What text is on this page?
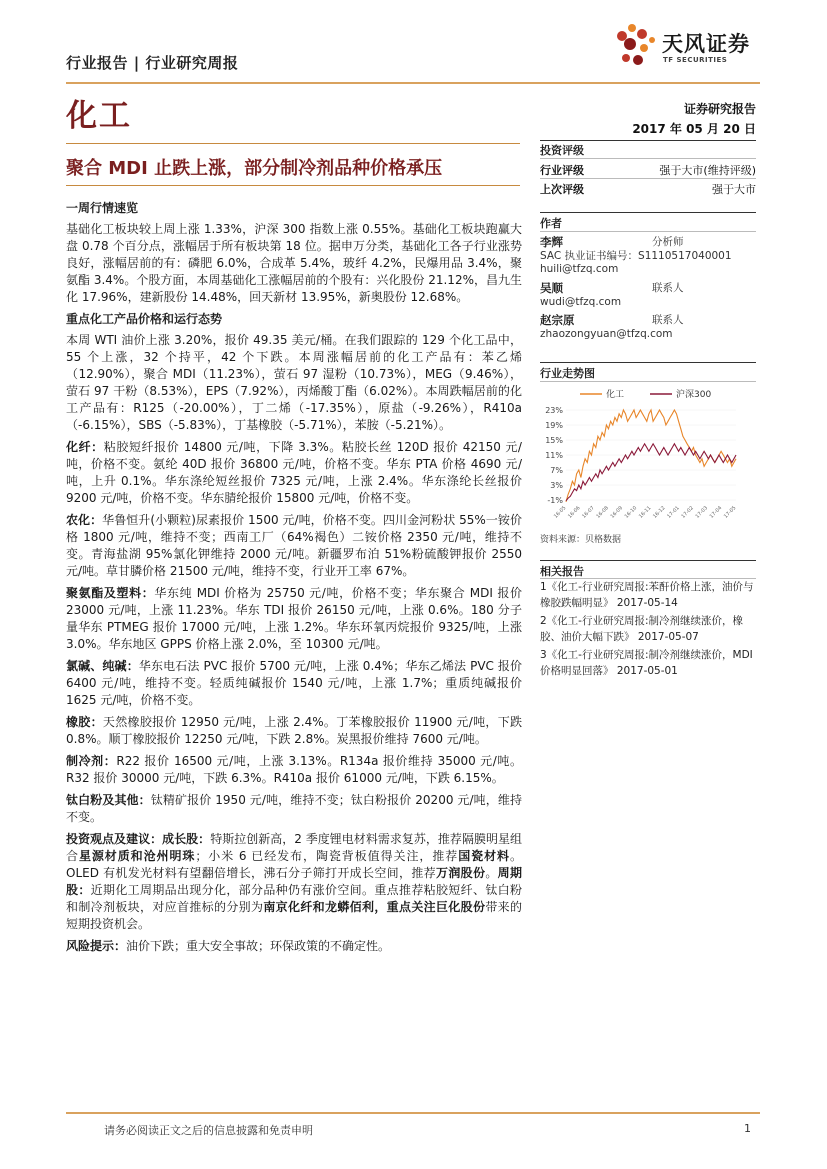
行业报告 | 行业研究周报
天风证券
TF SECURITIES
化工	证券研究报告
2017 年 05 月 20 日
聚合 MDI 止跌上涨，部分制冷剂品种价格承压
一周行情速览

基础化工板块较上周上涨 1.33%，沪深 300 指数上涨 0.55%。基础化工板块跑赢大盘 0.78 个百分点，涨幅居于所有板块第 18 位。据申万分类，基础化工各子行业涨势良好，涨幅居前的有：磷肥 6.0%，合成革 5.4%，玻纤 4.2%，民爆用品 3.4%，聚氨酯 3.4%。个股方面，本周基础化工涨幅居前的个股有：兴化股份 21.12%，昌九生化 17.96%，建新股份 14.48%，回天新材 13.95%，新奥股份 12.68%。

重点化工产品价格和运行态势

本周 WTI 油价上涨 3.20%，报价 49.35 美元/桶。在我们跟踪的 129 个化工品中，55 个上涨，32 个持平，42 个下跌。本周涨幅居前的化工产品有：苯乙烯（12.90%），聚合 MDI（11.23%），萤石 97 湿粉（10.73%），MEG（9.46%），萤石 97 干粉（8.53%），EPS（7.92%），丙烯酸丁酯（6.02%）。本周跌幅居前的化工产品有：R125（-20.00%），丁二烯（-17.35%），原盐（-9.26%），R410a（-6.15%），SBS（-5.83%），丁基橡胶（-5.71%），苯胺（-5.21%）。

化纤：粘胶短纤报价 14800 元/吨，下降 3.3%。粘胶长丝 120D 报价 42150 元/吨，价格不变。氨纶 40D 报价 36800 元/吨，价格不变。华东 PTA 价格 4690 元/吨，上升 0.1%。华东涤纶短丝报价 7325 元/吨，上涨 2.4%。华东涤纶长丝报价 9200 元/吨，价格不变。华东腈纶报价 15800 元/吨，价格不变。

农化：华鲁恒升(小颗粒)尿素报价 1500 元/吨，价格不变。四川金河粉状 55%一铵价格 1800 元/吨，维持不变；西南工厂（64%褐色）二铵价格 2350 元/吨，维持不变。青海盐湖 95%氯化钾维持 2000 元/吨。新疆罗布泊 51%粉硫酸钾报价 2550 元/吨。草甘膦价格 21500 元/吨，维持不变，行业开工率 67%。

聚氨酯及塑料：华东纯 MDI 价格为 25750 元/吨，价格不变；华东聚合 MDI 报价 23000 元/吨，上涨 11.23%。华东 TDI 报价 26150 元/吨，上涨 0.6%。180 分子量华东 PTMEG 报价 17000 元/吨，上涨 1.2%。华东环氧丙烷报价 9325/吨，上涨 3.0%。华东地区 GPPS 价格上涨 2.0%，至 10300 元/吨。

氯碱、纯碱：华东电石法 PVC 报价 5700 元/吨，上涨 0.4%；华东乙烯法 PVC 报价 6400 元/吨，维持不变。轻质纯碱报价 1540 元/吨，上涨 1.7%；重质纯碱报价 1625 元/吨，价格不变。

橡胶：天然橡胶报价 12950 元/吨，上涨 2.4%。丁苯橡胶报价 11900 元/吨，下跌 0.8%。顺丁橡胶报价 12250 元/吨，下跌 2.8%。炭黑报价维持 7600 元/吨。

制冷剂：R22 报价 16500 元/吨，上涨 3.13%。R134a 报价维持 35000 元/吨。R32 报价 30000 元/吨，下跌 6.3%。R410a 报价 61000 元/吨，下跌 6.15%。

钛白粉及其他：钛精矿报价 1950 元/吨，维持不变；钛白粉报价 20200 元/吨，维持不变。

投资观点及建议：成长股：特斯拉创新高，2 季度锂电材料需求复苏，推荐隔膜明星组合星源材质和沧州明珠；小米 6 已经发布，陶瓷背板值得关注，推荐国瓷材料。OLED 有机发光材料有望翻倍增长，沸石分子筛打开成长空间，推荐万润股份。周期股：近期化工周期品出现分化，部分品种仍有涨价空间。重点推荐粘胶短纤、钛白粉和制冷剂板块，对应首推标的分别为南京化纤和龙蟒佰利，重点关注巨化股份带来的短期投资机会。

风险提示：油价下跌；重大安全事故；环保政策的不确定性。

投资评级
行业评级	强于大市(维持评级)
上次评级	强于大市
作者
李辉	分析师
SAC 执业证书编号：S1110517040001
huili@tfzq.com
吴顺	联系人
wudi@tfzq.com
赵宗原	联系人
zhaozongyuan@tfzq.com
行业走势图
化工	沪深300
23%
19%
15%
11%
7%
3%
-1%
16-05 16-06 16-07 16-08 16-09 16-10 16-11 16-12 17-01 17-02 17-03 17-04 17-05
资料来源：贝格数据
相关报告
1《化工-行业研究周报:苯酐价格上涨，油价与橡胶跌幅明显》 2017-05-14
2《化工-行业研究周报:制冷剂继续涨价，橡胶、油价大幅下跌》 2017-05-07
3《化工-行业研究周报:制冷剂继续涨价，MDI 价格明显回落》 2017-05-01
请务必阅读正文之后的信息披露和免责申明	1
